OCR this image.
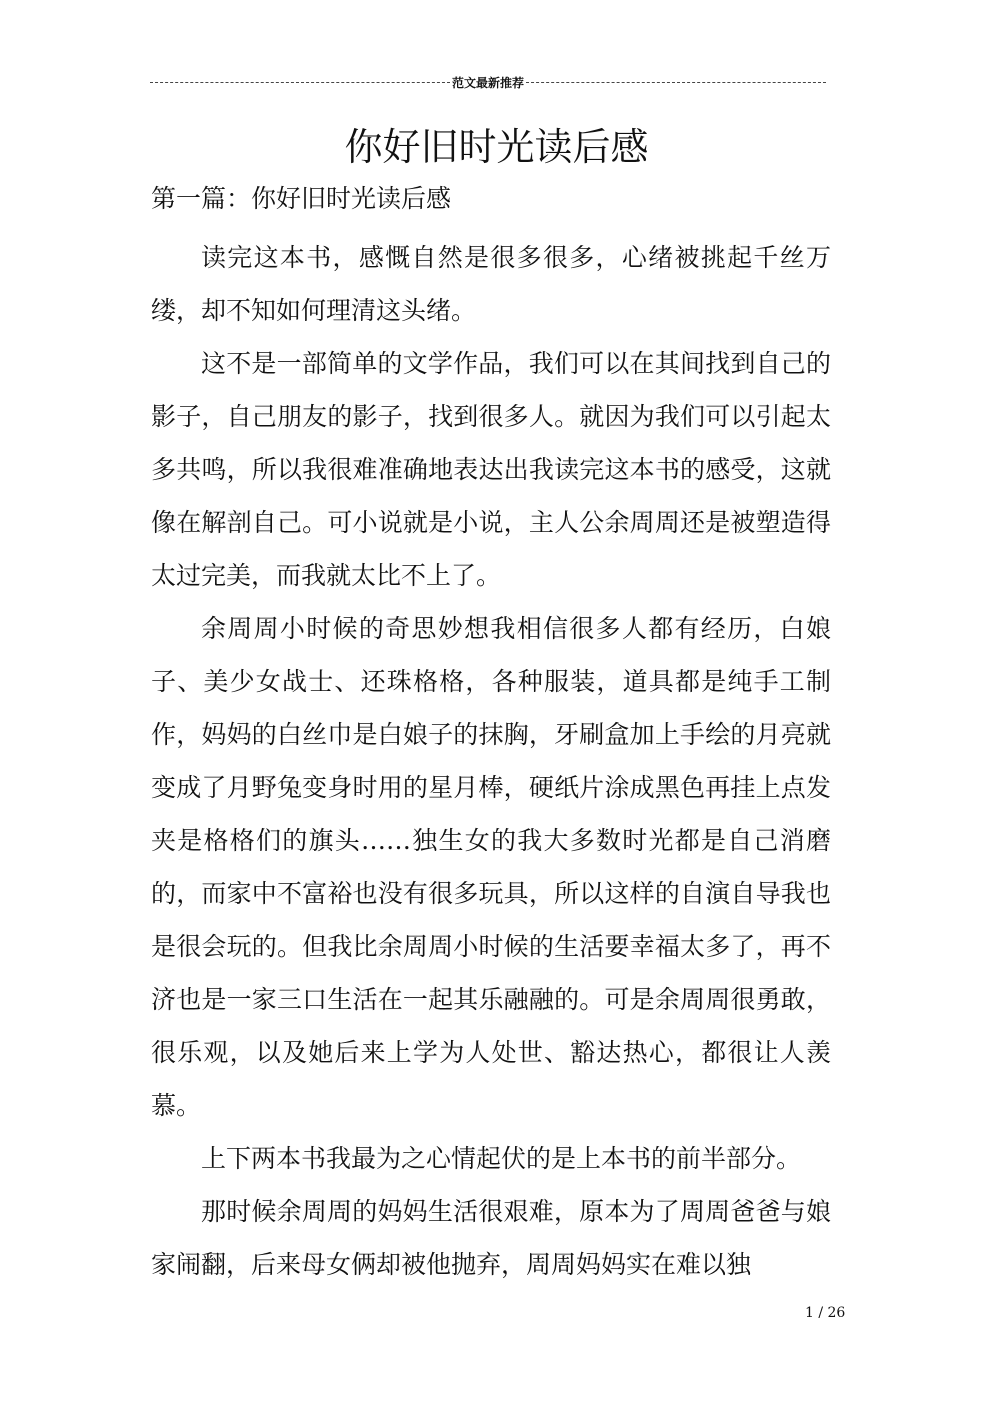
范文最新推荐
你好旧时光读后感
第一篇：你好旧时光读后感

读完这本书，感慨自然是很多很多，心绪被挑起千丝万缕，却不知如何理清这头绪。

这不是一部简单的文学作品，我们可以在其间找到自己的影子，自己朋友的影子，找到很多人。就因为我们可以引起太多共鸣，所以我很难准确地表达出我读完这本书的感受，这就像在解剖自己。可小说就是小说，主人公余周周还是被塑造得太过完美，而我就太比不上了。

余周周小时候的奇思妙想我相信很多人都有经历，白娘子、美少女战士、还珠格格，各种服装，道具都是纯手工制作，妈妈的白丝巾是白娘子的抹胸，牙刷盒加上手绘的月亮就变成了月野兔变身时用的星月棒，硬纸片涂成黑色再挂上点发夹是格格们的旗头……独生女的我大多数时光都是自己消磨的，而家中不富裕也没有很多玩具，所以这样的自演自导我也是很会玩的。但我比余周周小时候的生活要幸福太多了，再不济也是一家三口生活在一起其乐融融的。可是余周周很勇敢，很乐观，以及她后来上学为人处世、豁达热心，都很让人羡慕。

上下两本书我最为之心情起伏的是上本书的前半部分。

那时候余周周的妈妈生活很艰难，原本为了周周爸爸与娘家闹翻，后来母女俩却被他抛弃，周周妈妈实在难以独

1 / 26
